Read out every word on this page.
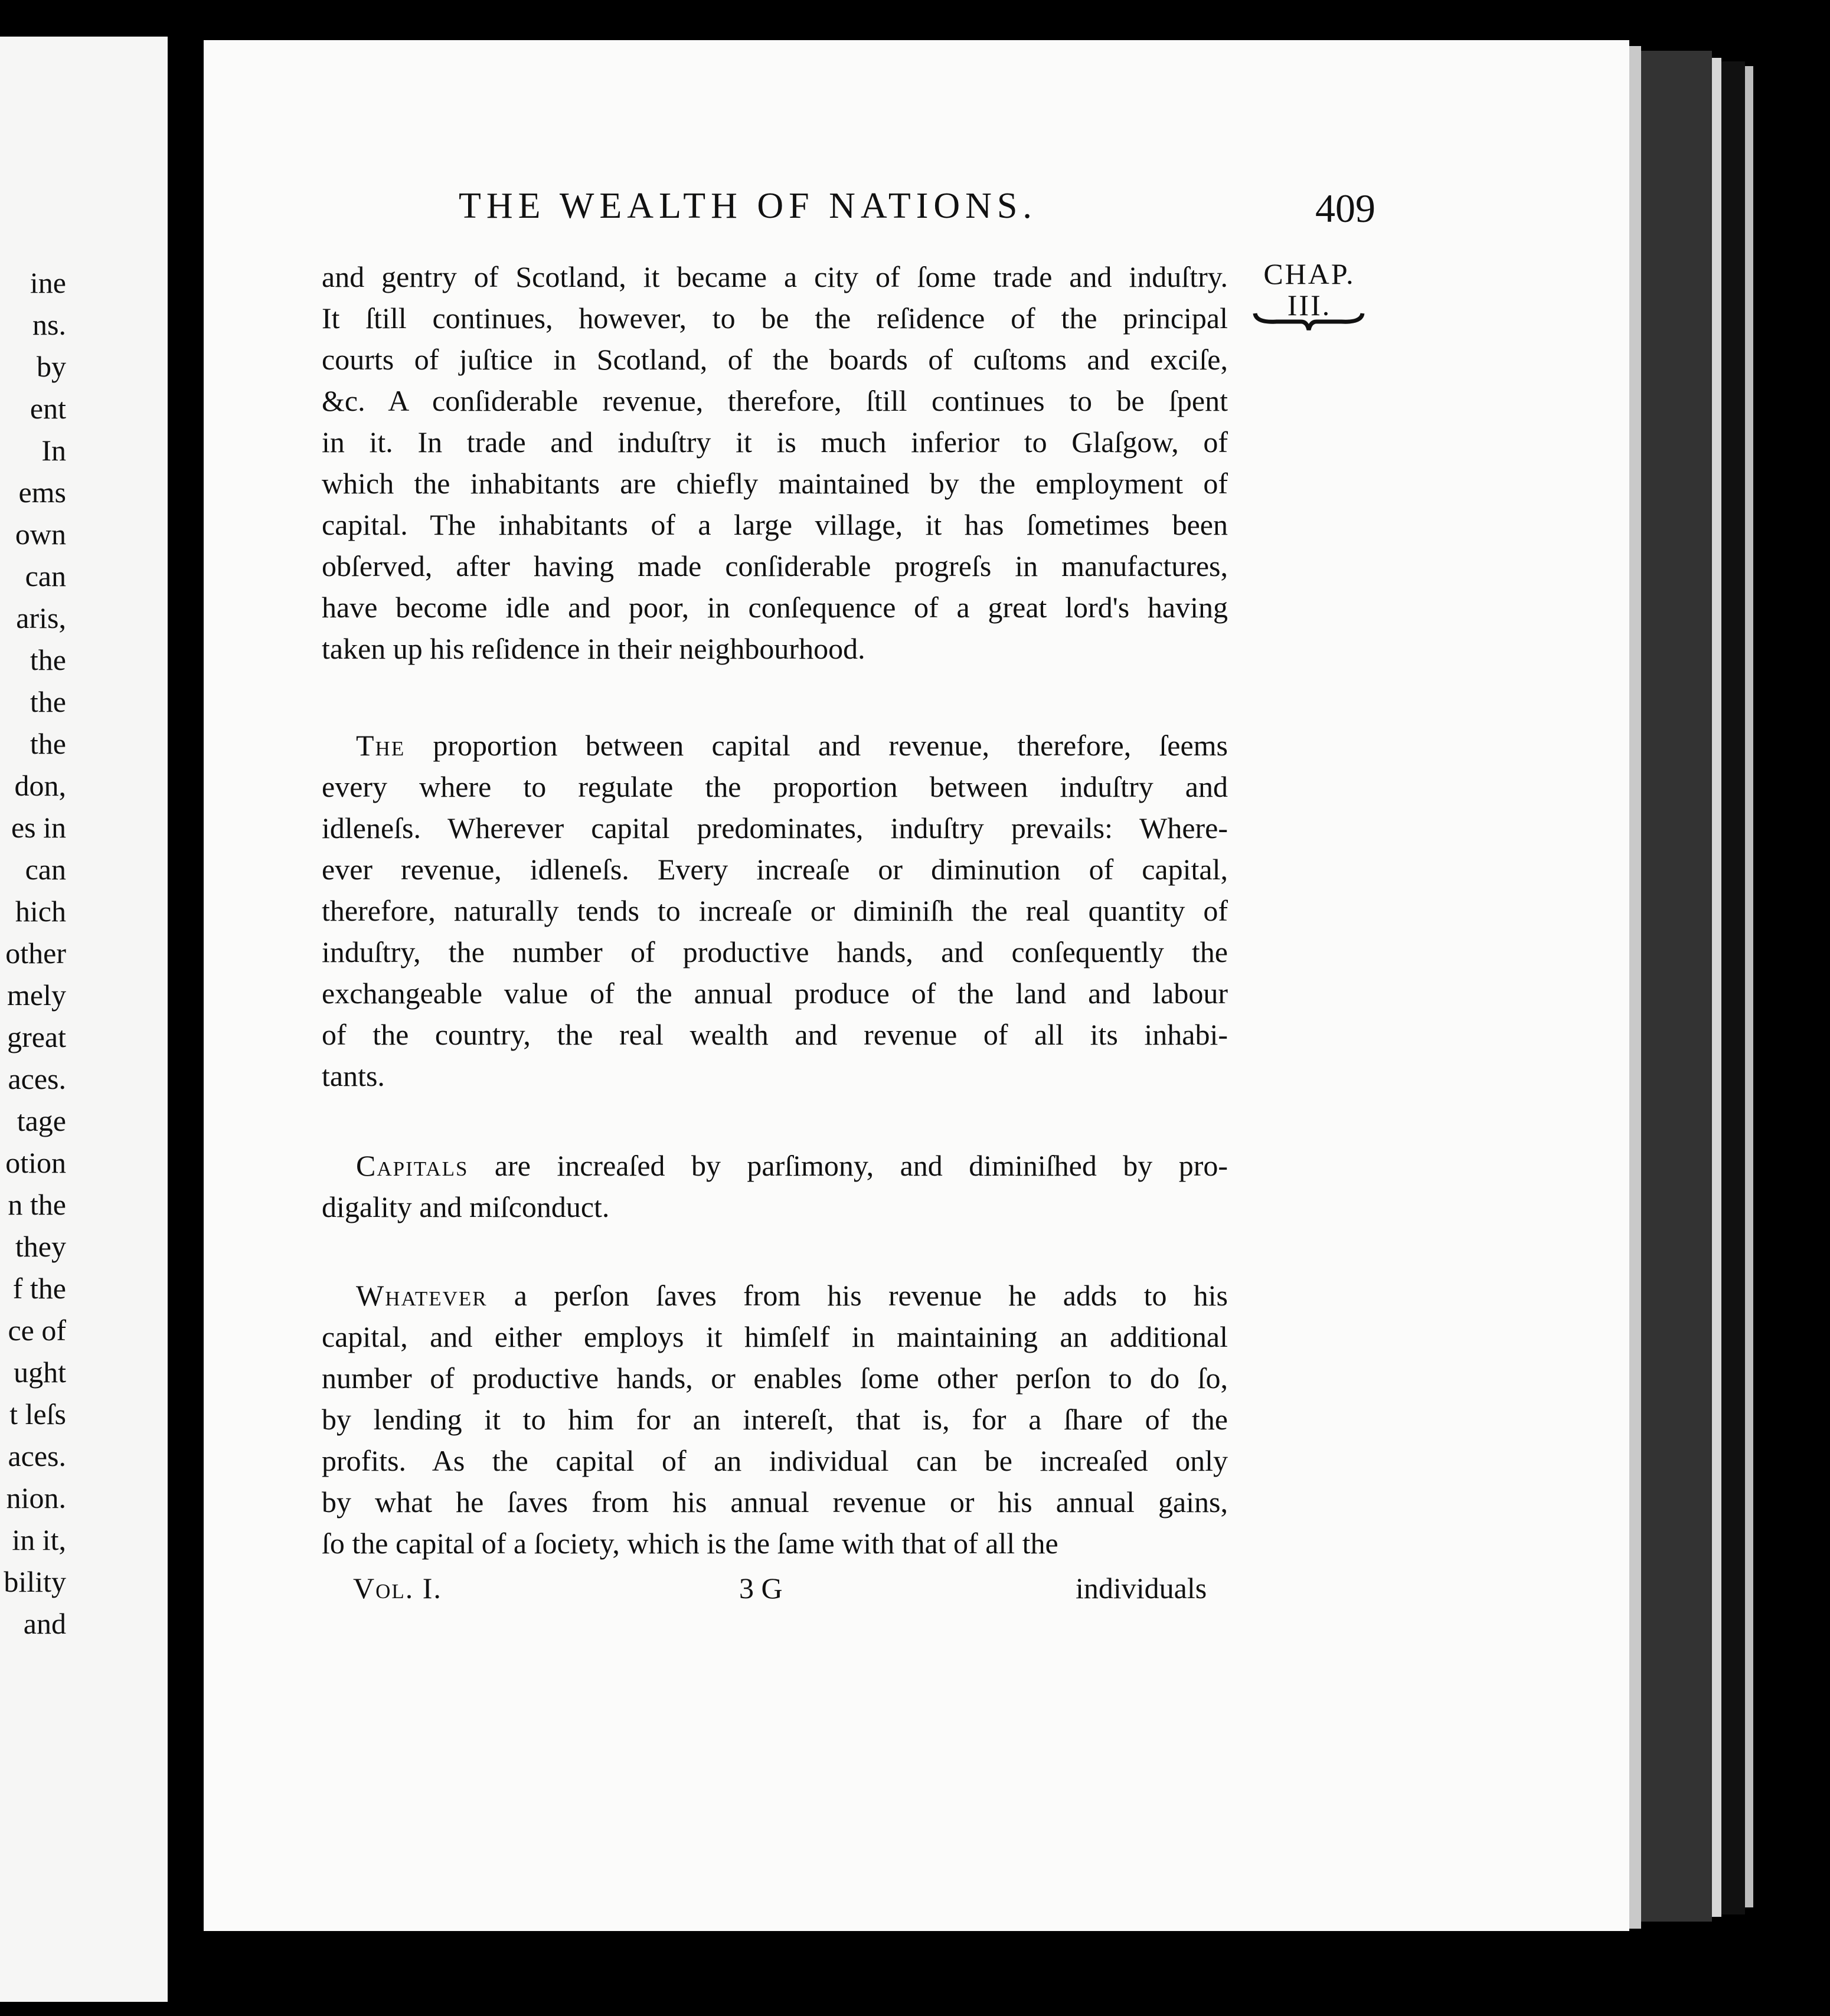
ine
ns.
by
ent
In
ems
own
can
aris,
the
the
the
don,
es in
can
hich
other
mely
great
aces.
tage
otion
n the
they
f the
ce of
ught
t leſs
aces.
nion.
in it,
bility
and
THE WEALTH OF NATIONS.	409
CHAP.
III.
and gentry of Scotland, it became a city of ſome trade and induſtry.
It ſtill continues, however, to be the reſidence of the principal
courts of juſtice in Scotland, of the boards of cuſtoms and exciſe,
&c. A conſiderable revenue, therefore, ſtill continues to be ſpent
in it. In trade and induſtry it is much inferior to Glaſgow, of
which the inhabitants are chiefly maintained by the employment of
capital. The inhabitants of a large village, it has ſometimes been
obſerved, after having made conſiderable progreſs in manufactures,
have become idle and poor, in conſequence of a great lord's having
taken up his reſidence in their neighbourhood.
The proportion between capital and revenue, therefore, ſeems
every where to regulate the proportion between induſtry and
idleneſs. Wherever capital predominates, induſtry prevails: Where-
ever revenue, idleneſs. Every increaſe or diminution of capital,
therefore, naturally tends to increaſe or diminiſh the real quantity of
induſtry, the number of productive hands, and conſequently the
exchangeable value of the annual produce of the land and labour
of the country, the real wealth and revenue of all its inhabi-
tants.
Capitals are increaſed by parſimony, and diminiſhed by pro-
digality and miſconduct.
Whatever a perſon ſaves from his revenue he adds to his
capital, and either employs it himſelf in maintaining an additional
number of productive hands, or enables ſome other perſon to do ſo,
by lending it to him for an intereſt, that is, for a ſhare of the
profits. As the capital of an individual can be increaſed only
by what he ſaves from his annual revenue or his annual gains,
ſo the capital of a ſociety, which is the ſame with that of all the

Vol. I.	3 G	individuals
